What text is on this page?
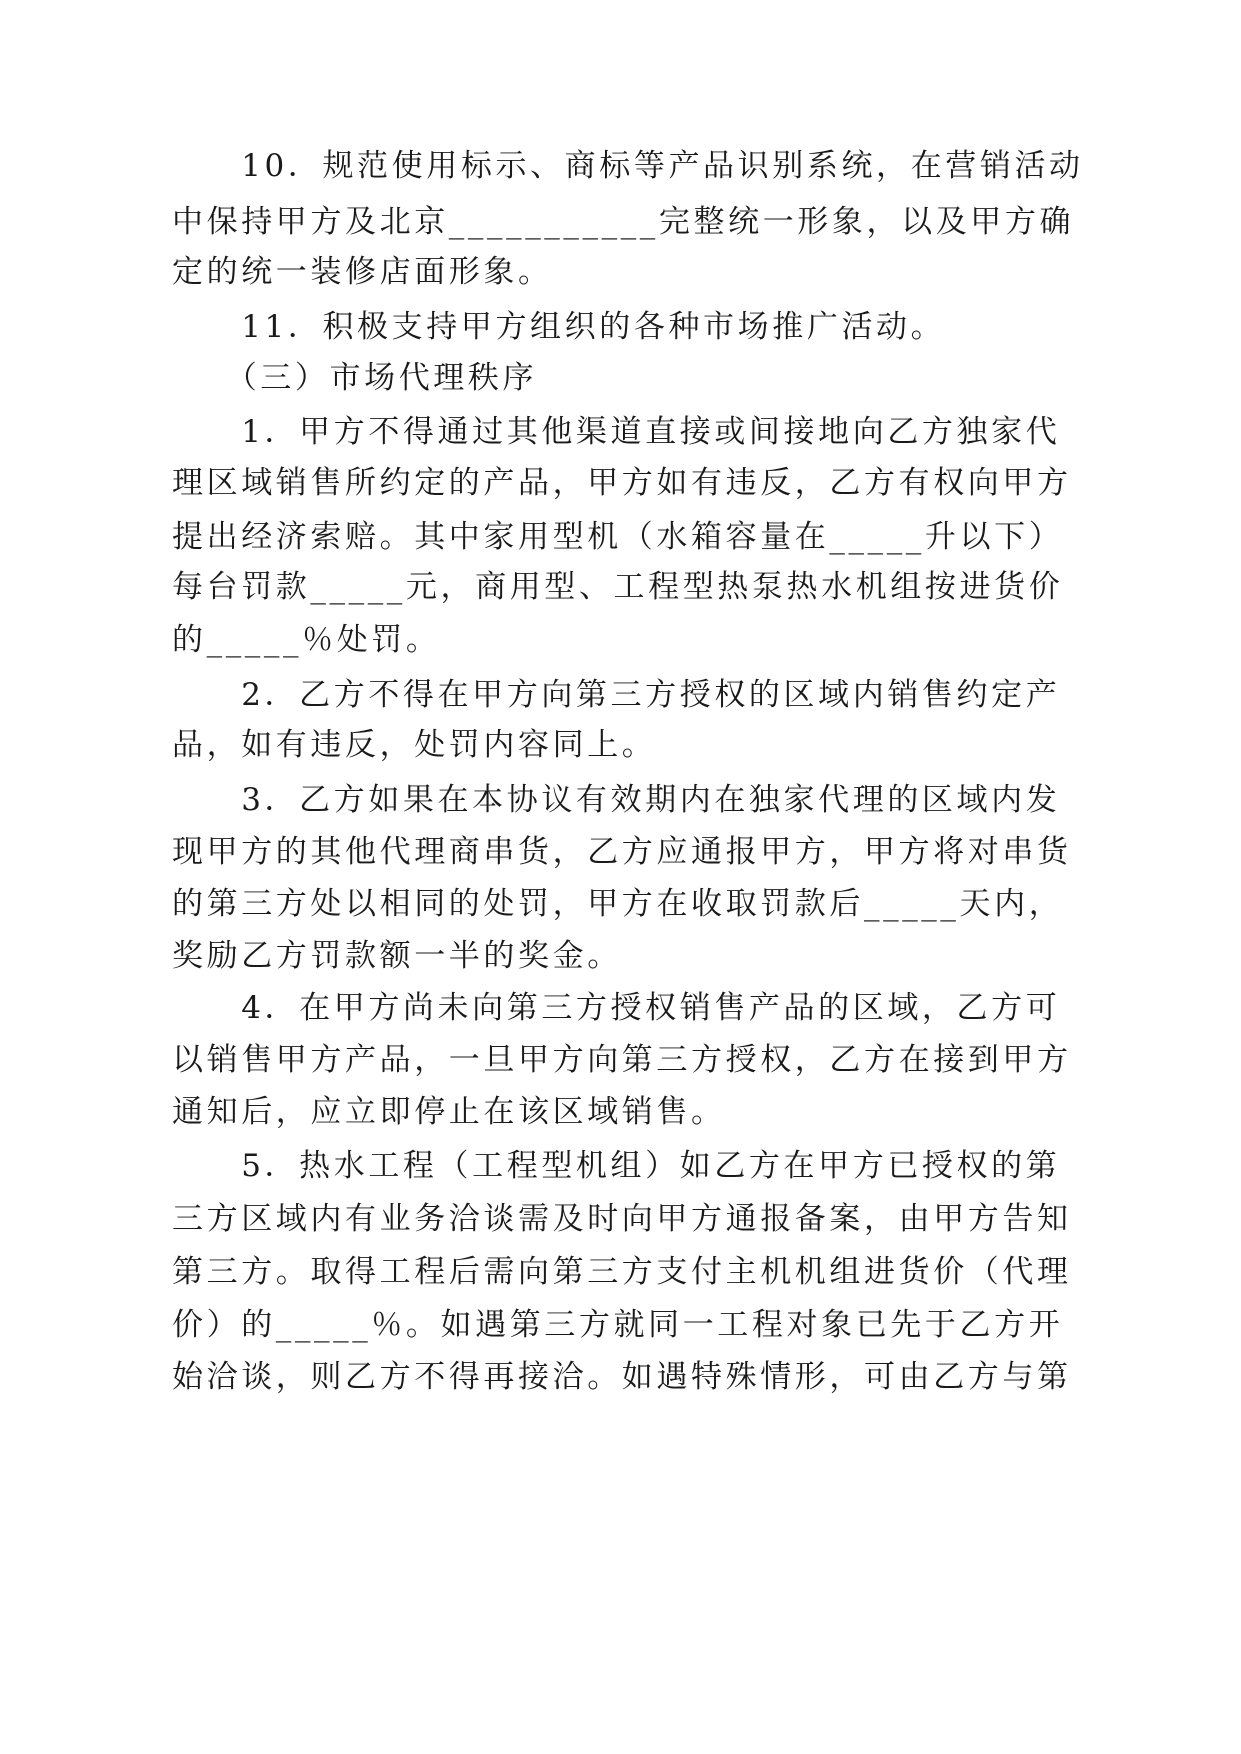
　　10．规范使用标示、商标等产品识别系统，在营销活动
中保持甲方及北京___________完整统一形象，以及甲方确
定的统一装修店面形象。
　　11．积极支持甲方组织的各种市场推广活动。
　　（三）市场代理秩序
　　1．甲方不得通过其他渠道直接或间接地向乙方独家代
理区域销售所约定的产品，甲方如有违反，乙方有权向甲方
提出经济索赔。其中家用型机（水箱容量在_____升以下）
每台罚款_____元，商用型、工程型热泵热水机组按进货价
的_____％处罚。
　　2．乙方不得在甲方向第三方授权的区域内销售约定产
品，如有违反，处罚内容同上。
　　3．乙方如果在本协议有效期内在独家代理的区域内发
现甲方的其他代理商串货，乙方应通报甲方，甲方将对串货
的第三方处以相同的处罚，甲方在收取罚款后_____天内，
奖励乙方罚款额一半的奖金。
　　4．在甲方尚未向第三方授权销售产品的区域，乙方可
以销售甲方产品，一旦甲方向第三方授权，乙方在接到甲方
通知后，应立即停止在该区域销售。
　　5．热水工程（工程型机组）如乙方在甲方已授权的第
三方区域内有业务洽谈需及时向甲方通报备案，由甲方告知
第三方。取得工程后需向第三方支付主机机组进货价（代理
价）的_____％。如遇第三方就同一工程对象已先于乙方开
始洽谈，则乙方不得再接洽。如遇特殊情形，可由乙方与第
